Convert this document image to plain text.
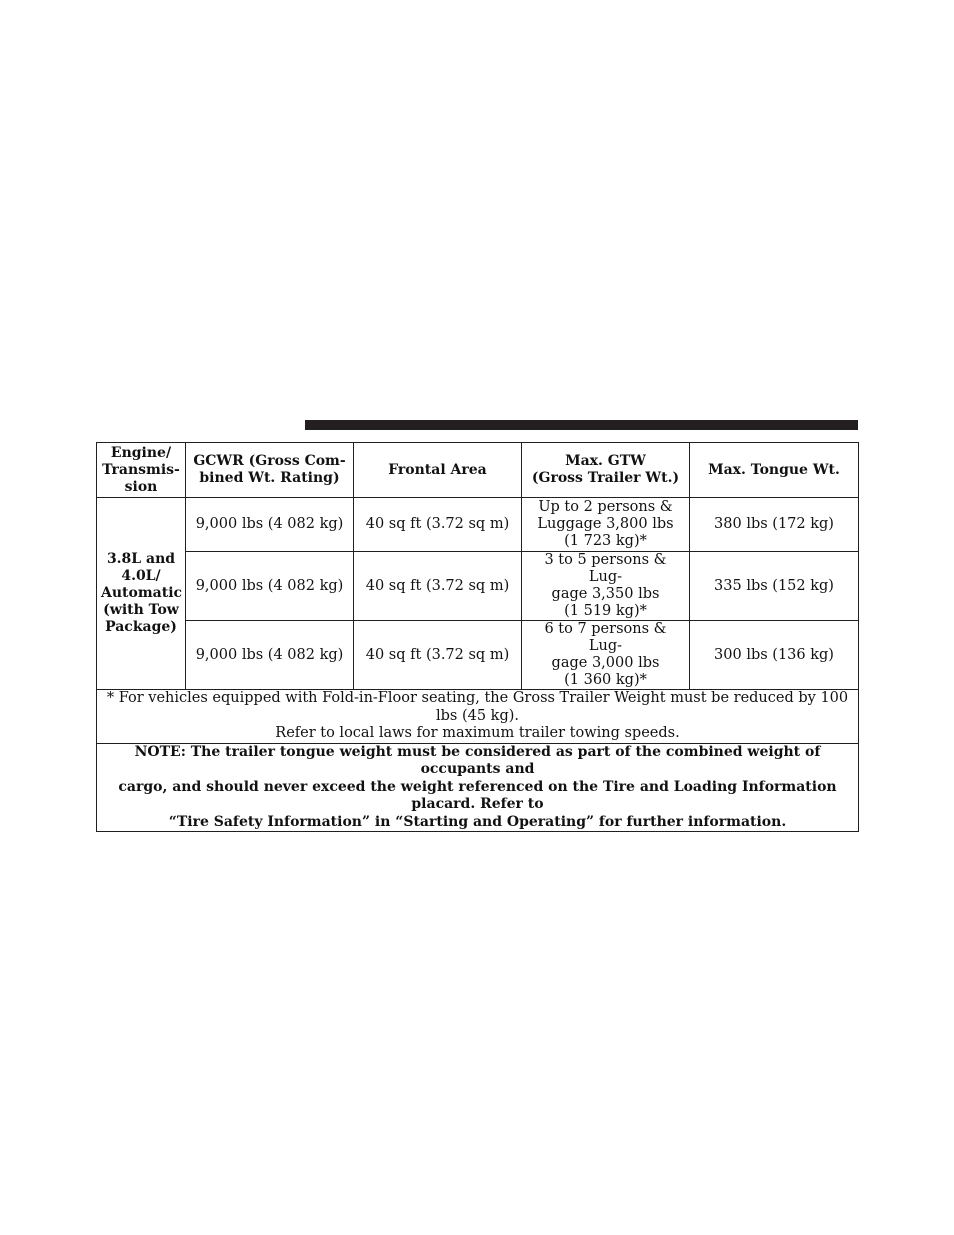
Engine/
Transmis-
sion	GCWR (Gross Com-
bined Wt. Rating)	Frontal Area	Max. GTW
(Gross Trailer Wt.)	Max. Tongue Wt.

3.8L and
4.0L/
Automatic
(with Tow
Package)	9,000 lbs (4 082 kg)	40 sq ft (3.72 sq m)	Up to 2 persons &
Luggage 3,800 lbs
(1 723 kg)*	380 lbs (172 kg)
	9,000 lbs (4 082 kg)	40 sq ft (3.72 sq m)	3 to 5 persons & Lug-
gage 3,350 lbs
(1 519 kg)*	335 lbs (152 kg)
	9,000 lbs (4 082 kg)	40 sq ft (3.72 sq m)	6 to 7 persons & Lug-
gage 3,000 lbs
(1 360 kg)*	300 lbs (136 kg)

* For vehicles equipped with Fold-in-Floor seating, the Gross Trailer Weight must be reduced by 100 lbs (45 kg).
Refer to local laws for maximum trailer towing speeds.				

NOTE: The trailer tongue weight must be considered as part of the combined weight of occupants and
cargo, and should never exceed the weight referenced on the Tire and Loading Information placard. Refer to
“Tire Safety Information” in “Starting and Operating” for further information.				
